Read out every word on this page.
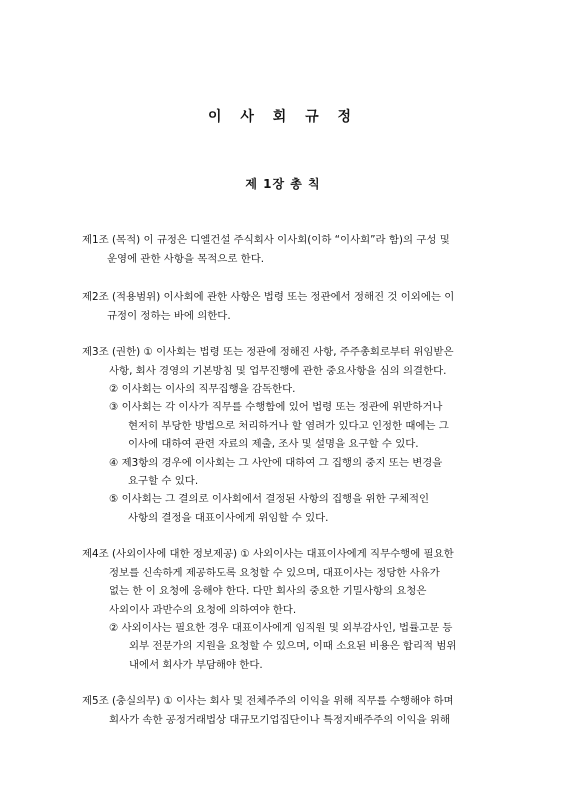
이 사 회 규 정
제 1장 총 칙
제1조 (목적) 이 규정은 디엘건설 주식회사 이사회(이하 “이사회”라 함)의 구성 및
운영에 관한 사항을 목적으로 한다.
제2조 (적용범위) 이사회에 관한 사항은 법령 또는 정관에서 정해진 것 이외에는 이
규정이 정하는 바에 의한다.
제3조 (권한) ① 이사회는 법령 또는 정관에 정해진 사항, 주주총회로부터 위임받은
사항, 회사 경영의 기본방침 및 업무진행에 관한 중요사항을 심의 의결한다.
② 이사회는 이사의 직무집행을 감독한다.
③ 이사회는 각 이사가 직무를 수행함에 있어 법령 또는 정관에 위반하거나
현저히 부당한 방법으로 처리하거나 할 염려가 있다고 인정한 때에는 그
이사에 대하여 관련 자료의 제출, 조사 및 설명을 요구할 수 있다.
④ 제3항의 경우에 이사회는 그 사안에 대하여 그 집행의 중지 또는 변경을
요구할 수 있다.
⑤ 이사회는 그 결의로 이사회에서 결정된 사항의 집행을 위한 구체적인
사항의 결정을 대표이사에게 위임할 수 있다.
제4조 (사외이사에 대한 정보제공) ① 사외이사는 대표이사에게 직무수행에 필요한
정보를 신속하게 제공하도록 요청할 수 있으며, 대표이사는 정당한 사유가
없는 한 이 요청에 응해야 한다. 다만 회사의 중요한 기밀사항의 요청은
사외이사 과반수의 요청에 의하여야 한다.
② 사외이사는 필요한 경우 대표이사에게 임직원 및 외부감사인, 법률고문 등
외부 전문가의 지원을 요청할 수 있으며, 이때 소요된 비용은 합리적 범위
내에서 회사가 부담해야 한다.
제5조 (충실의무) ① 이사는 회사 및 전체주주의 이익을 위해 직무를 수행해야 하며
회사가 속한 공정거래법상 대규모기업집단이나 특정지배주주의 이익을 위해
